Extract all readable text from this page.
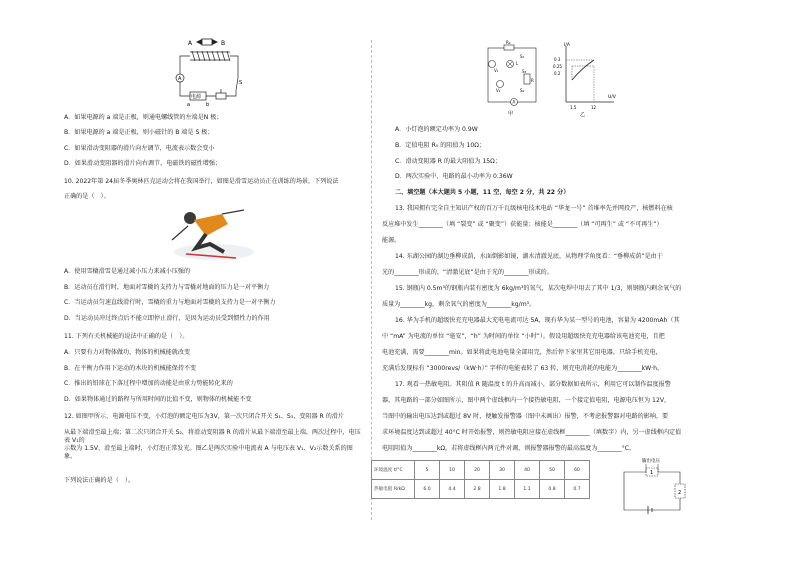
A	B
A
S
电源
a	b
A．如果电源的 a 端是正极，则通电螺线管的左端是N 极；
B．如果电源的 a 端是正极，则小磁针的 B 端是 S 极；
C．如果滑动变阻器的滑片向左调节，电流表示数会变小
D．如果滑动变阻器的滑片向右调节，电磁铁的磁性增强；
10. 2022年第 24届冬季奥林匹克运动会将在我国举行，如图是滑雪运动员正在训练的场景，下列说法
正确的是（　）。
A．使用雪橇滑雪是通过减小压力来减小压强的
B．运动员在滑行时，地面对雪橇的支持力与雪橇对地面的压力是一对平衡力
C．当运动员匀速直线滑行时，雪橇的重力与地面对雪橇的支持力是一对平衡力
D．当运动员冲过终点后不能立即停止滑行，是因为运动员受到惯性力的作用
11. 下列有关机械能的说法中正确的是（　）。
A．只要有力对物体做功，物体的机械能就改变
B．在平衡力作用下运动的木块的机械能保持不变
C．推出的铅球在下落过程中增加的动能是由重力势能转化来的
D．如果物体通过的路程与所用时间的比值不变，则物体的机械能不变
12. 如图甲所示，电源电压不变，小灯泡的额定电压为3V，第一次只闭合开关 S₁、S₃，变阻器 R 的滑片
从最下端滑至最上端；第二次只闭合开关 S₂，将滑动变阻器 R 的滑片从最下端滑至最上端，两次过程中，电压表 V₁的
示数为 1.5V，滑至最上端时，小灯泡正常发光。图乙是两次实验中电流表 A 与电压表 V₁、V₂示数关系的图象。
下列说法正确的是（　）。
R₀
V₁
L
S₁
S₃
R
V₂	S₂
A
甲
I/A
U/V
0.3
0.25
0.2
1.5	12
乙
A．小灯泡的额定功率为 0.9W
B．定值电阻 R₀ 的阻值为 10Ω；
C．滑动变阻器 R 的最大阻值为 15Ω；
D．两次实验中，电路的最小功率为 0.36W
二、填空题（本大题共 5 小题，11 空，每空 2 分，共 22 分）
13. 我国拥有完全自主知识产权的百万千瓦级核电技术电站 “华龙一号” 首堆率先并网投产，核燃料在核
反应堆中发生________（填 “裂变” 或 “聚变”）获能量；核能是________（填 “可再生” 或 “不可再生”）
能源。
14. 东湖公园的湖边垂柳成荫，水面倒影如镜，湖水清澈见底，从物理学角度看：“垂柳成荫”是由于
光的________形成的，“清澈见底”是由于光的________形成的。
15. 钢瓶内 0.5m³的钢瓶内装有密度为 6kg/m³的氧气，某次电焊中用去了其中 1/3，则钢瓶内剩余氧气的
质量为________kg，剩余氧气的密度为________kg/m³。
16. 华为手机的超级快充充电器最大充电电流可达 5A，现有华为某一型号的电池，容量为 4200mAh（其
中 “mA” 为电流的单位 “毫安”，“h” 为时间的单位 “小时”）。假设用超级快充充电器给该电池充电，且把
电池充满，需要________min。如果将此电池电量全部用完，然后停下家里其它用电器，只给手机充电，
充满后发现标有 “3000revs/（kW·h）” 字样的电能表转了 63 转，则充电消耗的电能为________kW·h。
17. 观看一热敏电阻。其阻值 R 随温度 t 的升高而减小，部分数据如表所示，利用它可以制作温度报警
器，其电路的一部分如图所示，图中两个虚线框内一个接热敏电阻，一个接定值电阻，电源电压恒为 12V，
当图中的输出电压达到或超过 8V 时，便触发报警器（图中未画出）报警，不考虑报警器对电路的影响，要
求环境温度达到或超过 40°C 时开始报警，则热敏电阻应接在虚线框________（填数字）内，另一虚线框内定值
电阻阻值为________kΩ。若将虚线框内两元件对调，则报警器报警的最高温度为________°C。
环境温度 t/°C	5	10	20	30	40	50	60
热敏电阻 R/kΩ	6.0	4.4	2.8	1.8	1.1	0.8	0.7
输出电压
1
2
